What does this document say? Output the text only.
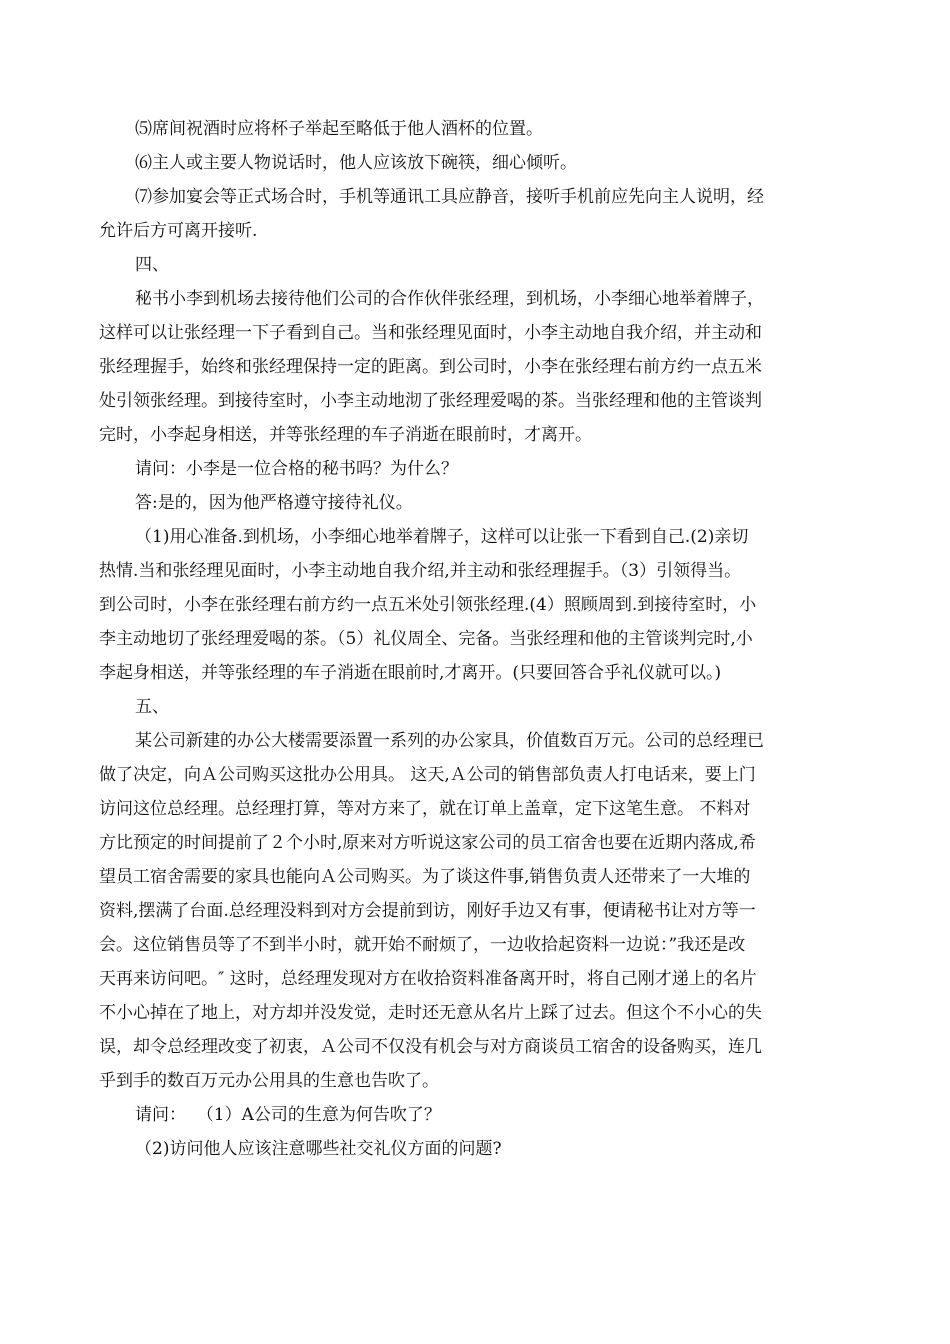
⑸席间祝酒时应将杯子举起至略低于他人酒杯的位置。

⑹主人或主要人物说话时，他人应该放下碗筷，细心倾听。

⑺参加宴会等正式场合时，手机等通讯工具应静音，接听手机前应先向主人说明，经

允许后方可离开接听.

四、

秘书小李到机场去接待他们公司的合作伙伴张经理，到机场，小李细心地举着牌子，

这样可以让张经理一下子看到自己。当和张经理见面时，小李主动地自我介绍，并主动和

张经理握手，始终和张经理保持一定的距离。到公司时，小李在张经理右前方约一点五米

处引领张经理。到接待室时，小李主动地沏了张经理爱喝的茶。当张经理和他的主管谈判

完时，小李起身相送，并等张经理的车子消逝在眼前时，才离开。

请问：小李是一位合格的秘书吗？为什么？

答:是的，因为他严格遵守接待礼仪。

（1)用心准备.到机场，小李细心地举着牌子，这样可以让张一下看到自己.(2)亲切

热情.当和张经理见面时，小李主动地自我介绍,并主动和张经理握手。（3）引领得当。

到公司时，小李在张经理右前方约一点五米处引领张经理.(4）照顾周到.到接待室时，小

李主动地切了张经理爱喝的茶。（5）礼仪周全、完备。当张经理和他的主管谈判完时,小

李起身相送，并等张经理的车子消逝在眼前时,才离开。(只要回答合乎礼仪就可以。)

五、

某公司新建的办公大楼需要添置一系列的办公家具，价值数百万元。公司的总经理已

做了决定，向Ａ公司购买这批办公用具。 这天,Ａ公司的销售部负责人打电话来，要上门

访问这位总经理。总经理打算，等对方来了，就在订单上盖章，定下这笔生意。 不料对

方比预定的时间提前了２个小时,原来对方听说这家公司的员工宿舍也要在近期内落成,希

望员工宿舍需要的家具也能向Ａ公司购买。为了谈这件事,销售负责人还带来了一大堆的

资料,摆满了台面.总经理没料到对方会提前到访，刚好手边又有事，便请秘书让对方等一

会。这位销售员等了不到半小时，就开始不耐烦了，一边收拾起资料一边说：”我还是改

天再来访问吧。″ 这时，总经理发现对方在收拾资料准备离开时，将自己刚才递上的名片

不小心掉在了地上，对方却并没发觉，走时还无意从名片上踩了过去。但这个不小心的失

误，却令总经理改变了初衷，Ａ公司不仅没有机会与对方商谈员工宿舍的设备购买，连几

乎到手的数百万元办公用具的生意也告吹了。

请问：  （1）A公司的生意为何告吹了？

（2)访问他人应该注意哪些社交礼仪方面的问题?
